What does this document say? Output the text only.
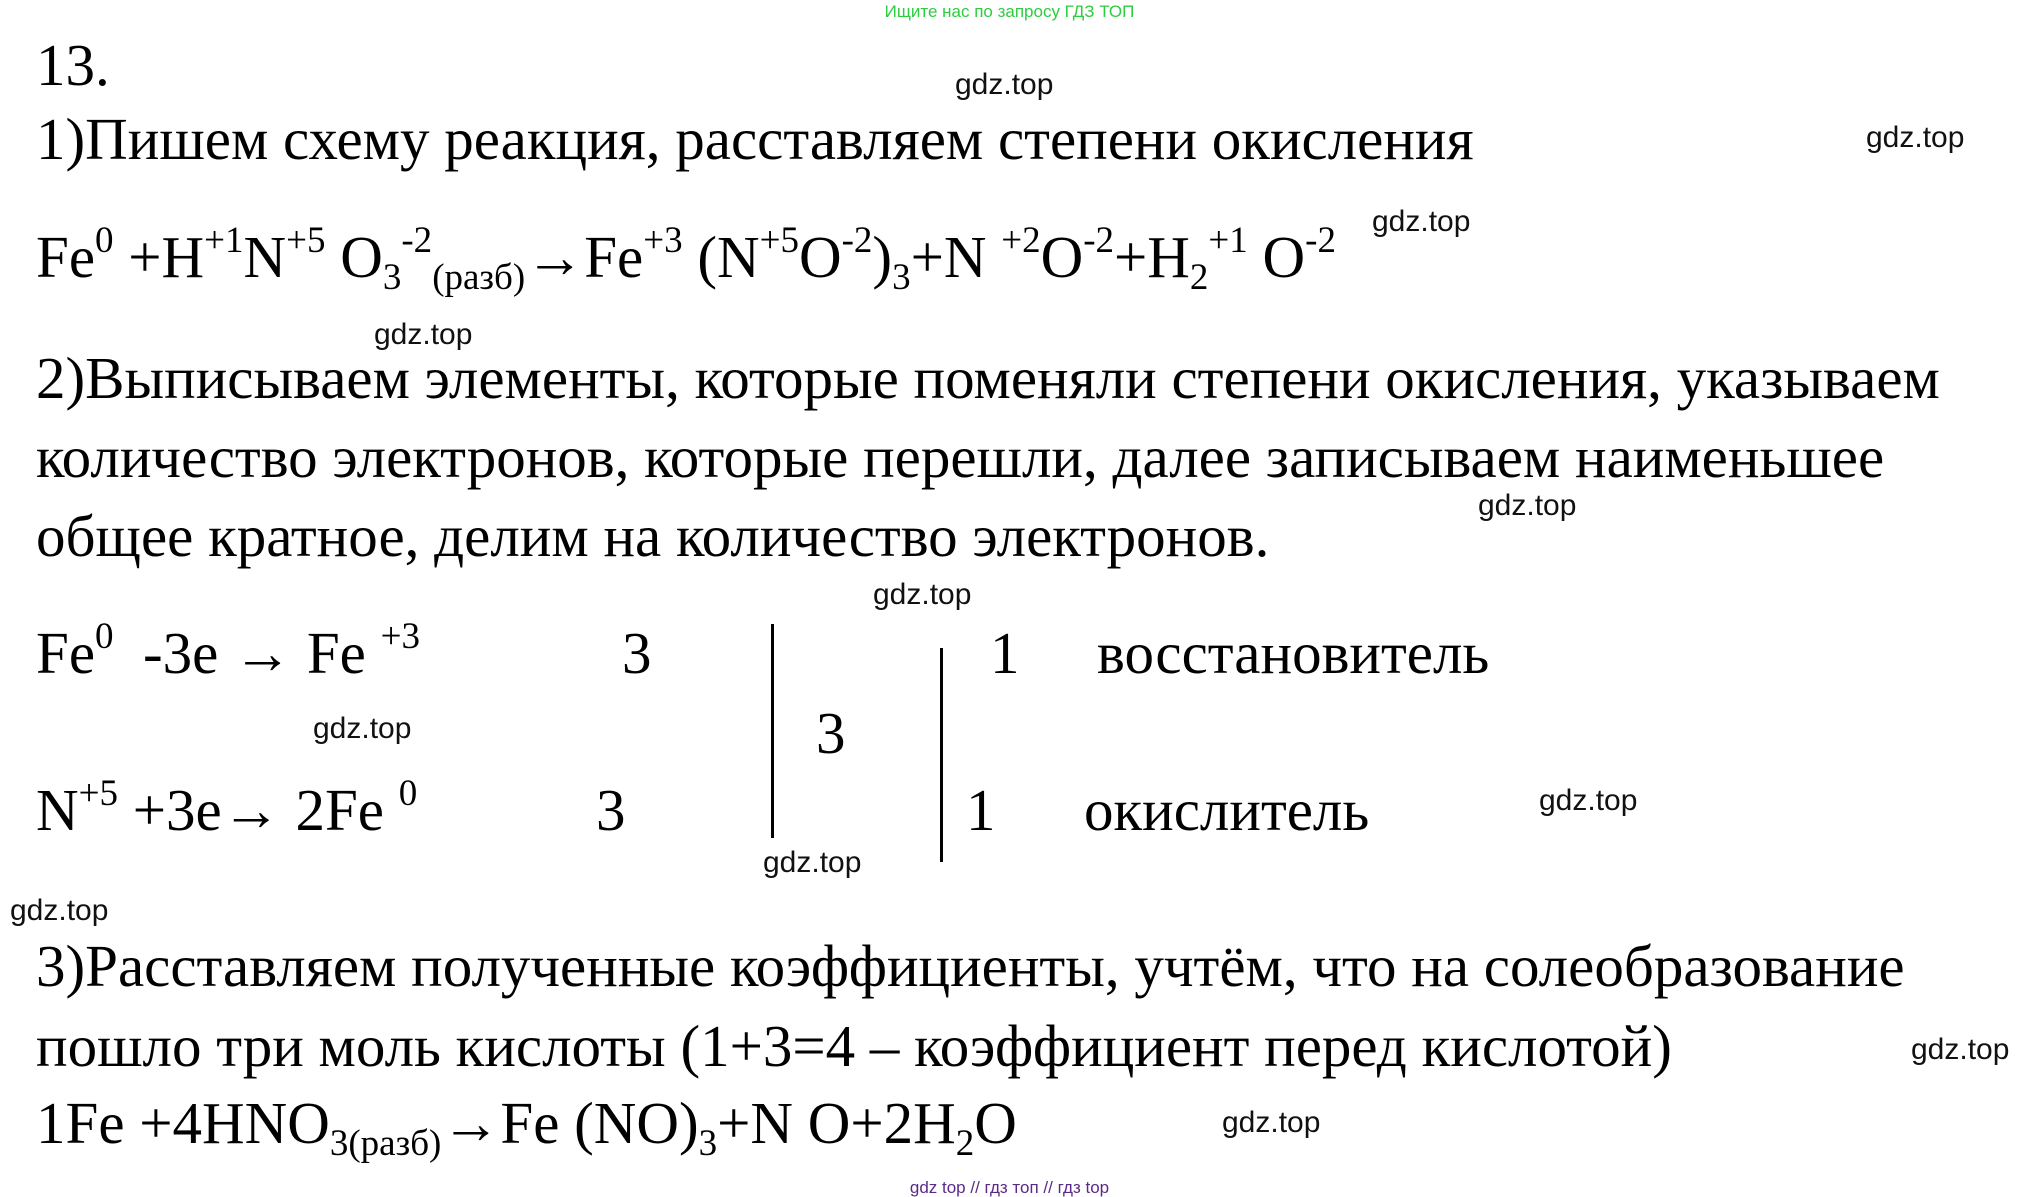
Ищите нас по запросу ГДЗ ТОП
13.
1)Пишем схему реакция, расставляем степени окисления
$Fe^0 +H^{+1}N^{+5}$ $O_3^{-2}_{(разб)}\to Fe^{+3}$ $(N^{+5}O^{-2})_3+N$ $^{+2}O^{-2}+H_2^{+1}$ $O^{-2}$
2)Выписываем элементы, которые поменяли степени окисления, указываем
количество электронов, которые перешли, далее записываем наименьшее
общее кратное, делим на количество электронов.
Fe$^0$  -3e → Fe $^{+3}$	3	1 восстановитель
3
$N^{+5} +3e\to 2Fe$ $^0$	3	1 окислитель
3)Расставляем полученные коэффициенты, учтём, что на солеобразование
пошло три моль кислоты (1+3=4 – коэффициент перед кислотой)
$1Fe +4HNO_{3(разб)}\to Fe$ $(NO)_3+N$ $O+2H_2O$
gdz.top
gdz.top
gdz.top
gdz.top
gdz.top
gdz.top
gdz.top
gdz.top
gdz.top
gdz.top
gdz.top
gdz.top
gdz top // гдз топ // гдз top
